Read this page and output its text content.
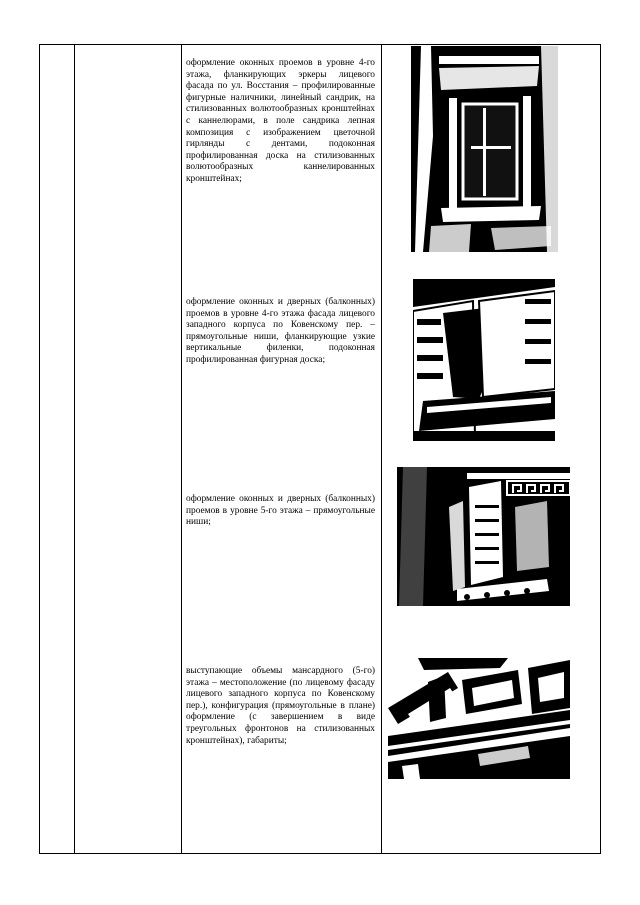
оформление оконных проемов в уровне 4-го этажа, фланкирующих эркеры лицевого фасада по ул. Восстания – профилированные фигурные наличники, линейный сандрик, на стилизованных волютообразных кронштейнах с каннелюрами, в поле сандрика лепная композиция с изображением цветочной гирлянды с дентами, подоконная профилированная доска на стилизованных волютообразных каннелированных кронштейнах;
оформление оконных и дверных (балконных) проемов в уровне 4-го этажа фасада лицевого западного корпуса по Ковенскому пер. – прямоугольные ниши, фланкирующие узкие вертикальные филенки, подоконная профилированная фигурная доска;
оформление оконных и дверных (балконных) проемов в уровне 5-го этажа – прямоугольные ниши;
выступающие объемы мансардного (5-го) этажа – местоположение (по лицевому фасаду лицевого западного корпуса по Ковенскому пер.), конфигурация (прямоугольные в плане) оформление (с завершением в виде треугольных фронтонов на стилизованных кронштейнах), габариты;
